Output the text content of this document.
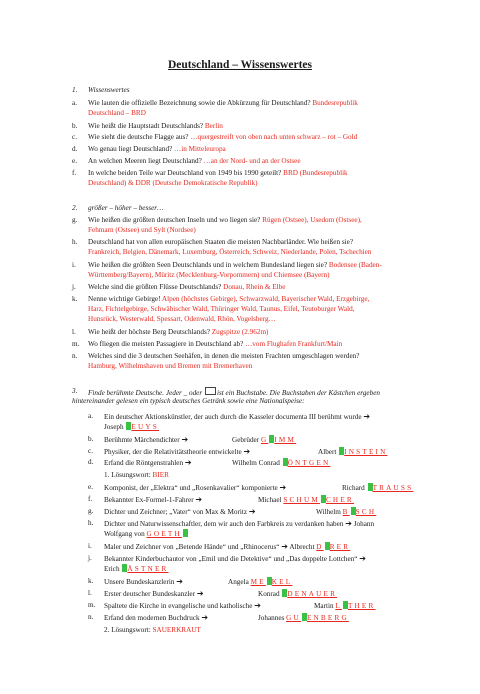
Deutschland – Wissenswertes
1. Wissenswertes
a. Wie lauten die offizielle Bezeichnung sowie die Abkürzung für Deutschland? Bundesrepublik
Deutschland – BRD
b. Wie heißt die Hauptstadt Deutschlands? Berlin
c. Wie sieht die deutsche Flagge aus? …quergestreift von oben nach unten schwarz – rot – Gold
d. Wo genau liegt Deutschland? …in Mitteleuropa
e. An welchen Meeren liegt Deutschland? …an der Nord- und an der Ostsee
f. In welche beiden Teile war Deutschland von 1949 bis 1990 geteilt? BRD (Bundesrepublik
Deutschland) & DDR (Deutsche Demokratische Republik)
2. größer – höher – besser…
g. Wie heißen die größten deutschen Inseln und wo liegen sie? Rügen (Ostsee), Usedom (Ostsee),
Fehmarn (Ostsee) und Sylt (Nordsee)
h. Deutschland hat von allen europäischen Staaten die meisten Nachbarländer. Wie heißen sie?
Frankreich, Belgien, Dänemark, Luxemburg, Österreich, Schweiz, Niederlande, Polen, Tschechien
i. Wie heißen die größten Seen Deutschlands und in welchem Bundesland liegen sie? Bodensee (Baden-
Württemberg/Bayern), Müritz (Mecklenburg-Vorpommern) und Chiemsee (Bayern)
j. Welche sind die größten Flüsse Deutschlands? Donau, Rhein & Elbe
k. Nenne wichtige Gebirge! Alpen (höchstes Gebirge), Schwarzwald, Bayerischer Wald, Erzgebirge,
Harz, Fichtelgebirge, Schwäbischer Wald, Thüringer Wald, Taunus, Eifel, Teutoburger Wald,
Hunsrück, Westerwald, Spessart, Odenwald, Rhön, Vogelsberg…
l. Wie heißt der höchste Berg Deutschlands? Zugspitze (2.962m)
m. Wo fliegen die meisten Passagiere in Deutschland ab? …vom Flughafen Frankfurt/Main
n. Welches sind die 3 deutschen Seehäfen, in denen die meisten Frachten umgeschlagen werden?
Hamburg, Wilhelmshaven und Bremen mit Bremerhaven
3. Finde berühmte Deutsche. Jeder _ oder ist ein Buchstabe. Die Buchstaben der Kästchen ergeben
hintereinander gelesen ein typisch deutsches Getränk sowie eine Nationalspeise:
a. Ein deutscher Aktionskünstler, der auch durch die Kasseler documenta III berühmt wurde ➔
Joseph EUYS
b. Berühmte Märchendichter ➔	Gebrüder G IMM
c. Physiker, der die Relativitätstheorie entwickelte ➔	Albert INSTEIN
d. Erfand die Röntgenstrahlen ➔	Wilhelm Conrad ÖNTGEN
1. Lösungswort: BIER
e. Komponist, der „Elektra“ und „Rosenkavalier“ komponierte ➔	Richard TRAUSS
f. Bekannter Ex-Formel-1-Fahrer ➔	Michael SCHUM CHER
g. Dichter und Zeichner; „Vater“ von Max & Moritz ➔	Wilhelm B SCH
h. Dichter und Naturwissenschaftler, dem wir auch den Farbkreis zu verdanken haben ➔ Johann
Wolfgang von GOETH
i. Maler und Zeichner von „Betende Hände“ und „Rhinocerus“ ➔ Albrecht D RER
j. Bekannter Kinderbuchautor von „Emil und die Detektive“ und „Das doppelte Lottchen“ ➔
Erich ÄSTNER
k. Unsere Bundeskanzlerin ➔	Angela ME KEL
l. Erster deutscher Bundeskanzler ➔	Konrad DENAUER
m. Spaltete die Kirche in evangelische und katholische ➔	Martin L THER
n. Erfand den modernen Buchdruck ➔	Johannes GU ENBERG
2. Lösungswort: SAUERKRAUT
